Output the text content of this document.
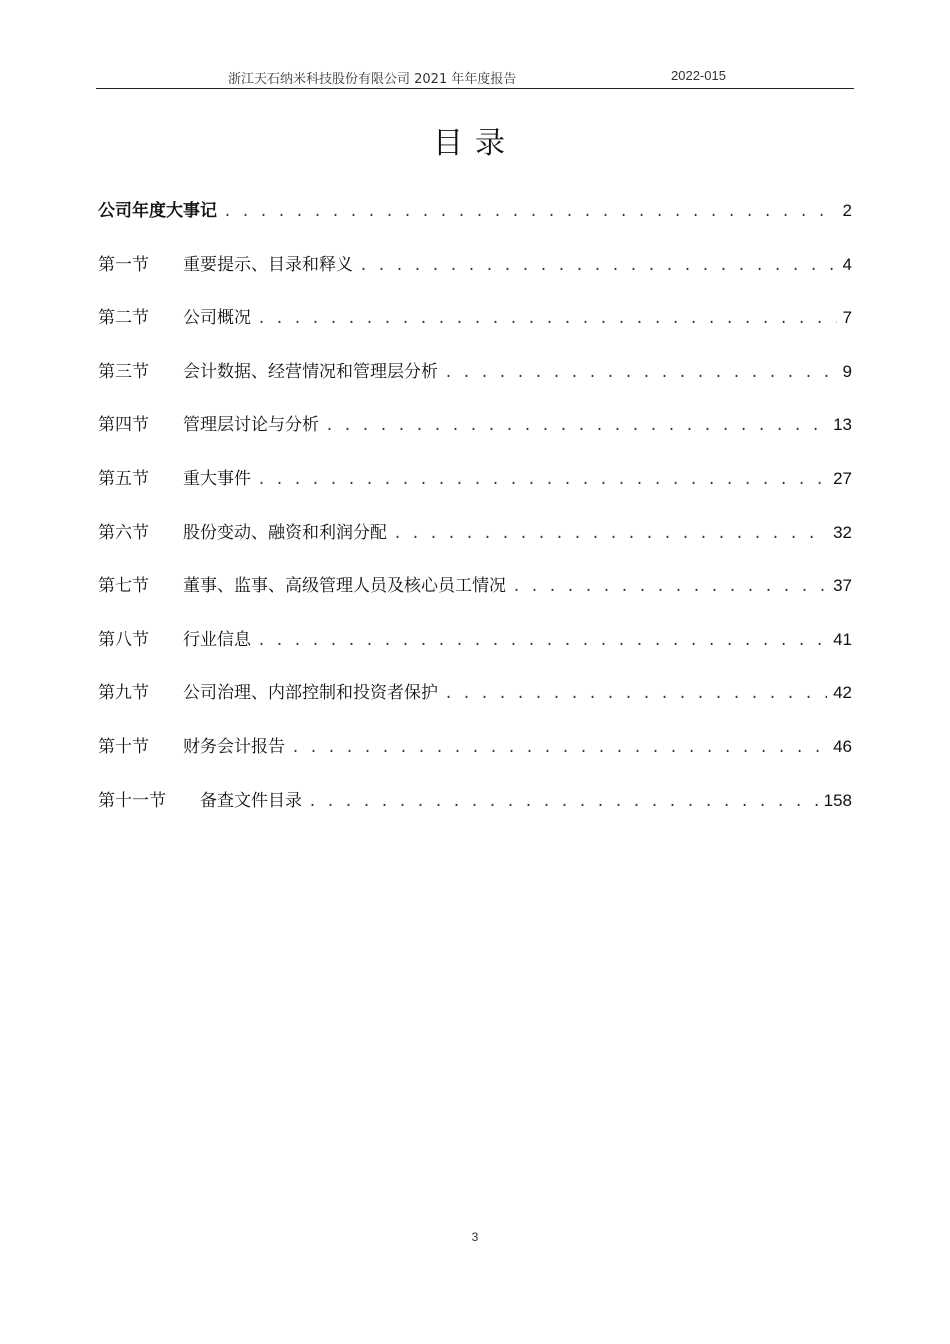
浙江天石纳米科技股份有限公司 2021 年年度报告	2022-015
目录
公司年度大事记 . . .	2
第一节	重要提示、目录和释义 . . .	4
第二节	公司概况 . . .	7
第三节	会计数据、经营情况和管理层分析 . . .	9
第四节	管理层讨论与分析 . . .	13
第五节	重大事件 . . .	27
第六节	股份变动、融资和利润分配 . . .	32
第七节	董事、监事、高级管理人员及核心员工情况 . . .	37
第八节	行业信息 . . .	41
第九节	公司治理、内部控制和投资者保护 . . .	42
第十节	财务会计报告 . . .	46
第十一节	备查文件目录 . . .	158
3
